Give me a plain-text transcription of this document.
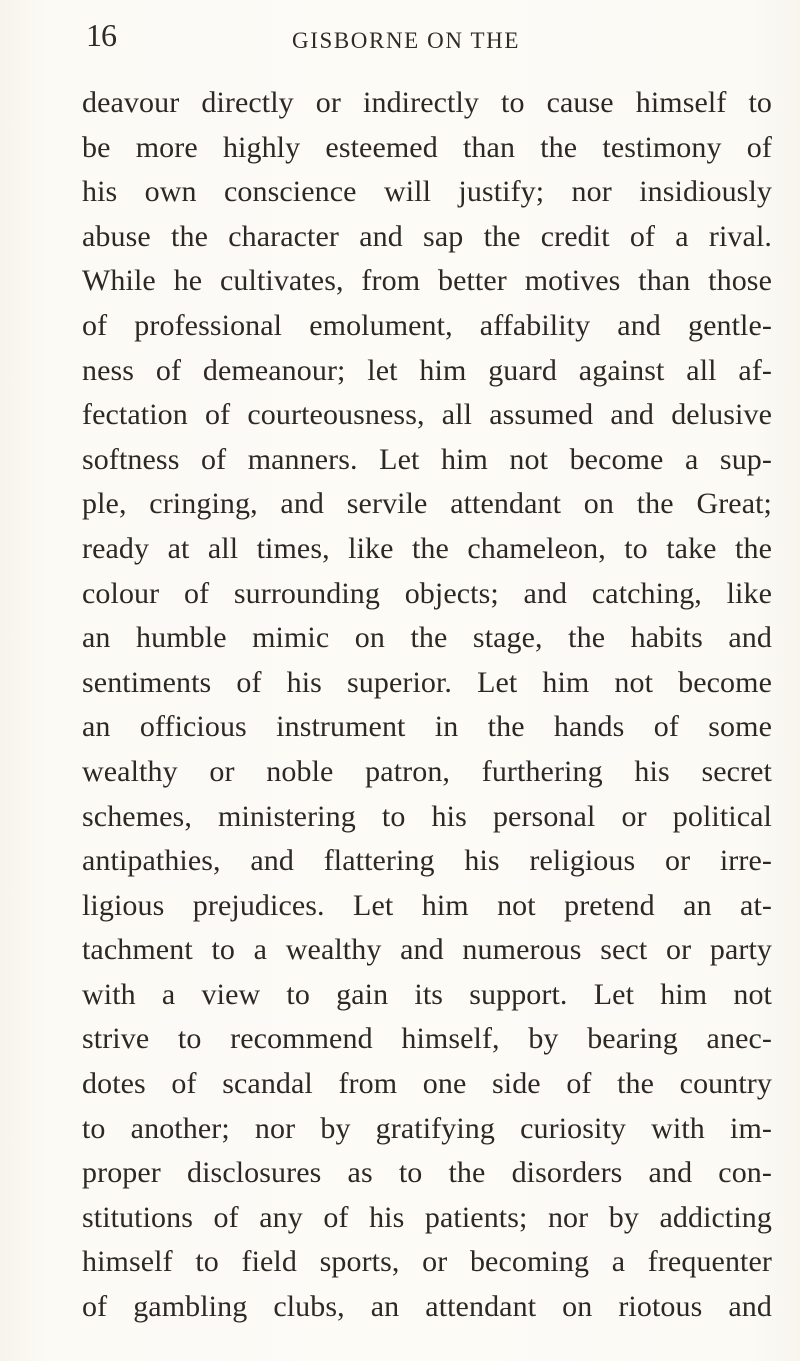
16	GISBORNE ON THE
deavour directly or indirectly to cause himself to
be more highly esteemed than the testimony of
his own conscience will justify; nor insidiously
abuse the character and sap the credit of a rival.
While he cultivates, from better motives than those
of professional emolument, affability and gentle-
ness of demeanour; let him guard against all af-
fectation of courteousness, all assumed and delusive
softness of manners. Let him not become a sup-
ple, cringing, and servile attendant on the Great;
ready at all times, like the chameleon, to take the
colour of surrounding objects; and catching, like
an humble mimic on the stage, the habits and
sentiments of his superior. Let him not become
an officious instrument in the hands of some
wealthy or noble patron, furthering his secret
schemes, ministering to his personal or political
antipathies, and flattering his religious or irre-
ligious prejudices. Let him not pretend an at-
tachment to a wealthy and numerous sect or party
with a view to gain its support. Let him not
strive to recommend himself, by bearing anec-
dotes of scandal from one side of the country
to another; nor by gratifying curiosity with im-
proper disclosures as to the disorders and con-
stitutions of any of his patients; nor by addicting
himself to field sports, or becoming a frequenter
of gambling clubs, an attendant on riotous and
